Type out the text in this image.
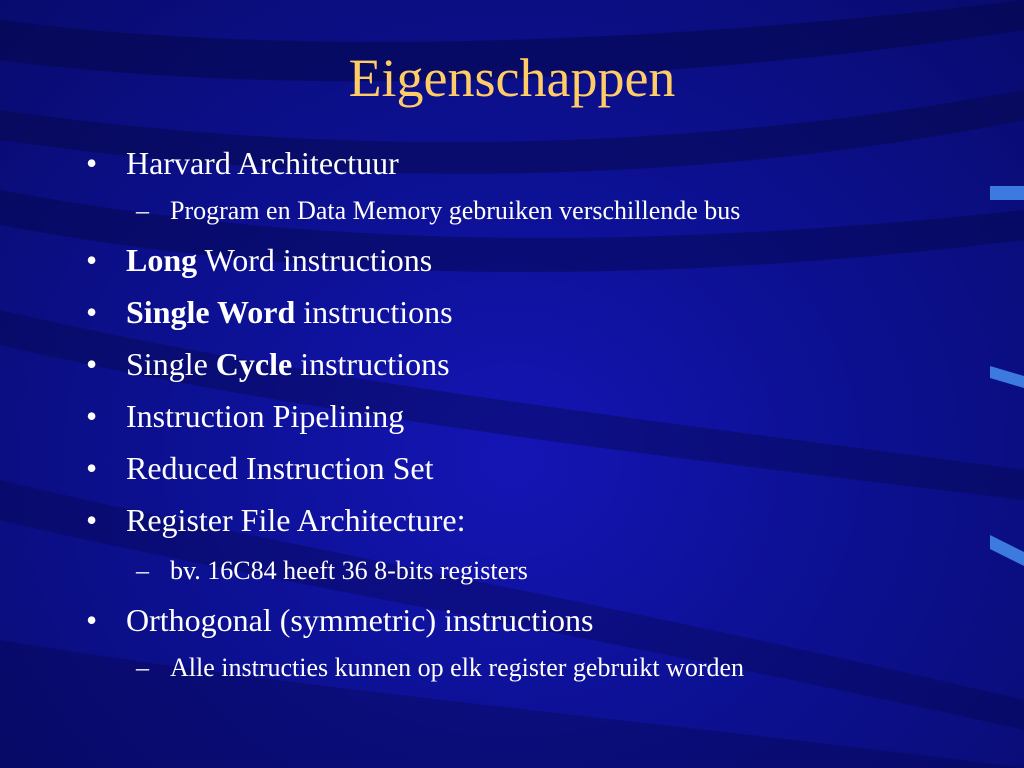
Eigenschappen
• Harvard Architectuur
– Program en Data Memory gebruiken verschillende bus
• Long Word instructions
• Single Word instructions
• Single Cycle instructions
• Instruction Pipelining
• Reduced Instruction Set
• Register File Architecture:
– bv. 16C84 heeft 36 8-bits registers
• Orthogonal (symmetric) instructions
– Alle instructies kunnen op elk register gebruikt worden
